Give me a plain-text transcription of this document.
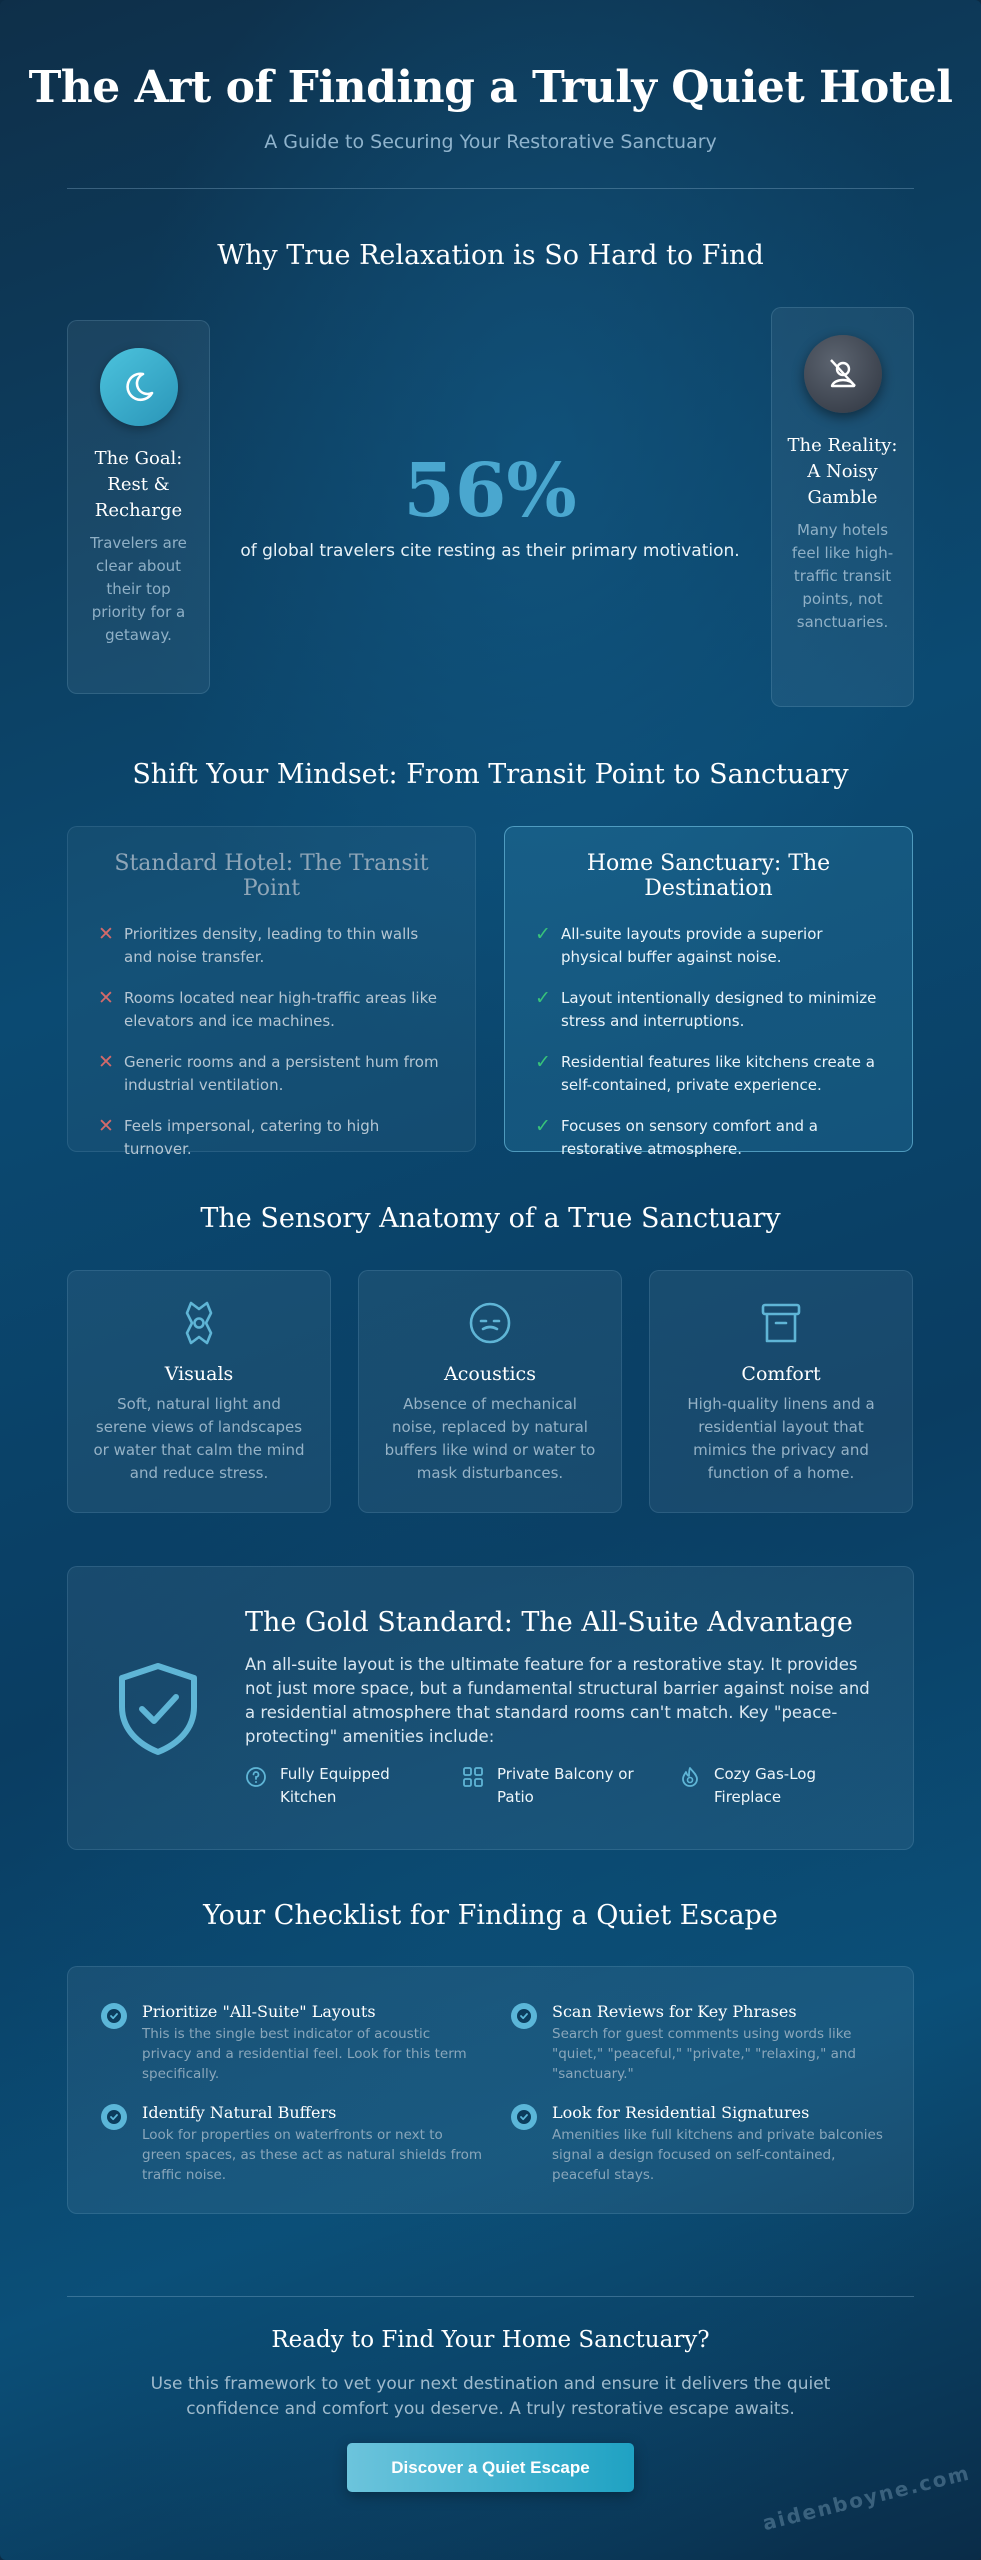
The Art of Finding a Truly Quiet Hotel
A Guide to Securing Your Restorative Sanctuary
Why True Relaxation is So Hard to Find
The Goal: Rest & Recharge
Travelers are clear about their top priority for a getaway.
56%
of global travelers cite resting as their primary motivation.
The Reality: A Noisy Gamble
Many hotels feel like high-traffic transit points, not sanctuaries.
Shift Your Mindset: From Transit Point to Sanctuary
Standard Hotel: The Transit Point
✕ Prioritizes density, leading to thin walls and noise transfer.
✕ Rooms located near high-traffic areas like elevators and ice machines.
✕ Generic rooms and a persistent hum from industrial ventilation.
✕ Feels impersonal, catering to high turnover.
Home Sanctuary: The Destination
✓ All-suite layouts provide a superior physical buffer against noise.
✓ Layout intentionally designed to minimize stress and interruptions.
✓ Residential features like kitchens create a self-contained, private experience.
✓ Focuses on sensory comfort and a restorative atmosphere.
The Sensory Anatomy of a True Sanctuary
Visuals
Soft, natural light and serene views of landscapes or water that calm the mind and reduce stress.
Acoustics
Absence of mechanical noise, replaced by natural buffers like wind or water to mask disturbances.
Comfort
High-quality linens and a residential layout that mimics the privacy and function of a home.
The Gold Standard: The All-Suite Advantage
An all-suite layout is the ultimate feature for a restorative stay. It provides not just more space, but a fundamental structural barrier against noise and a residential atmosphere that standard rooms can't match. Key "peace-protecting" amenities include:
Fully Equipped Kitchen
Private Balcony or Patio
Cozy Gas-Log Fireplace
Your Checklist for Finding a Quiet Escape
Prioritize "All-Suite" Layouts
This is the single best indicator of acoustic privacy and a residential feel. Look for this term specifically.
Scan Reviews for Key Phrases
Search for guest comments using words like "quiet," "peaceful," "private," "relaxing," and "sanctuary."
Identify Natural Buffers
Look for properties on waterfronts or next to green spaces, as these act as natural shields from traffic noise.
Look for Residential Signatures
Amenities like full kitchens and private balconies signal a design focused on self-contained, peaceful stays.
Ready to Find Your Home Sanctuary?
Use this framework to vet your next destination and ensure it delivers the quiet confidence and comfort you deserve. A truly restorative escape awaits.
Discover a Quiet Escape	aidenboyne.com
